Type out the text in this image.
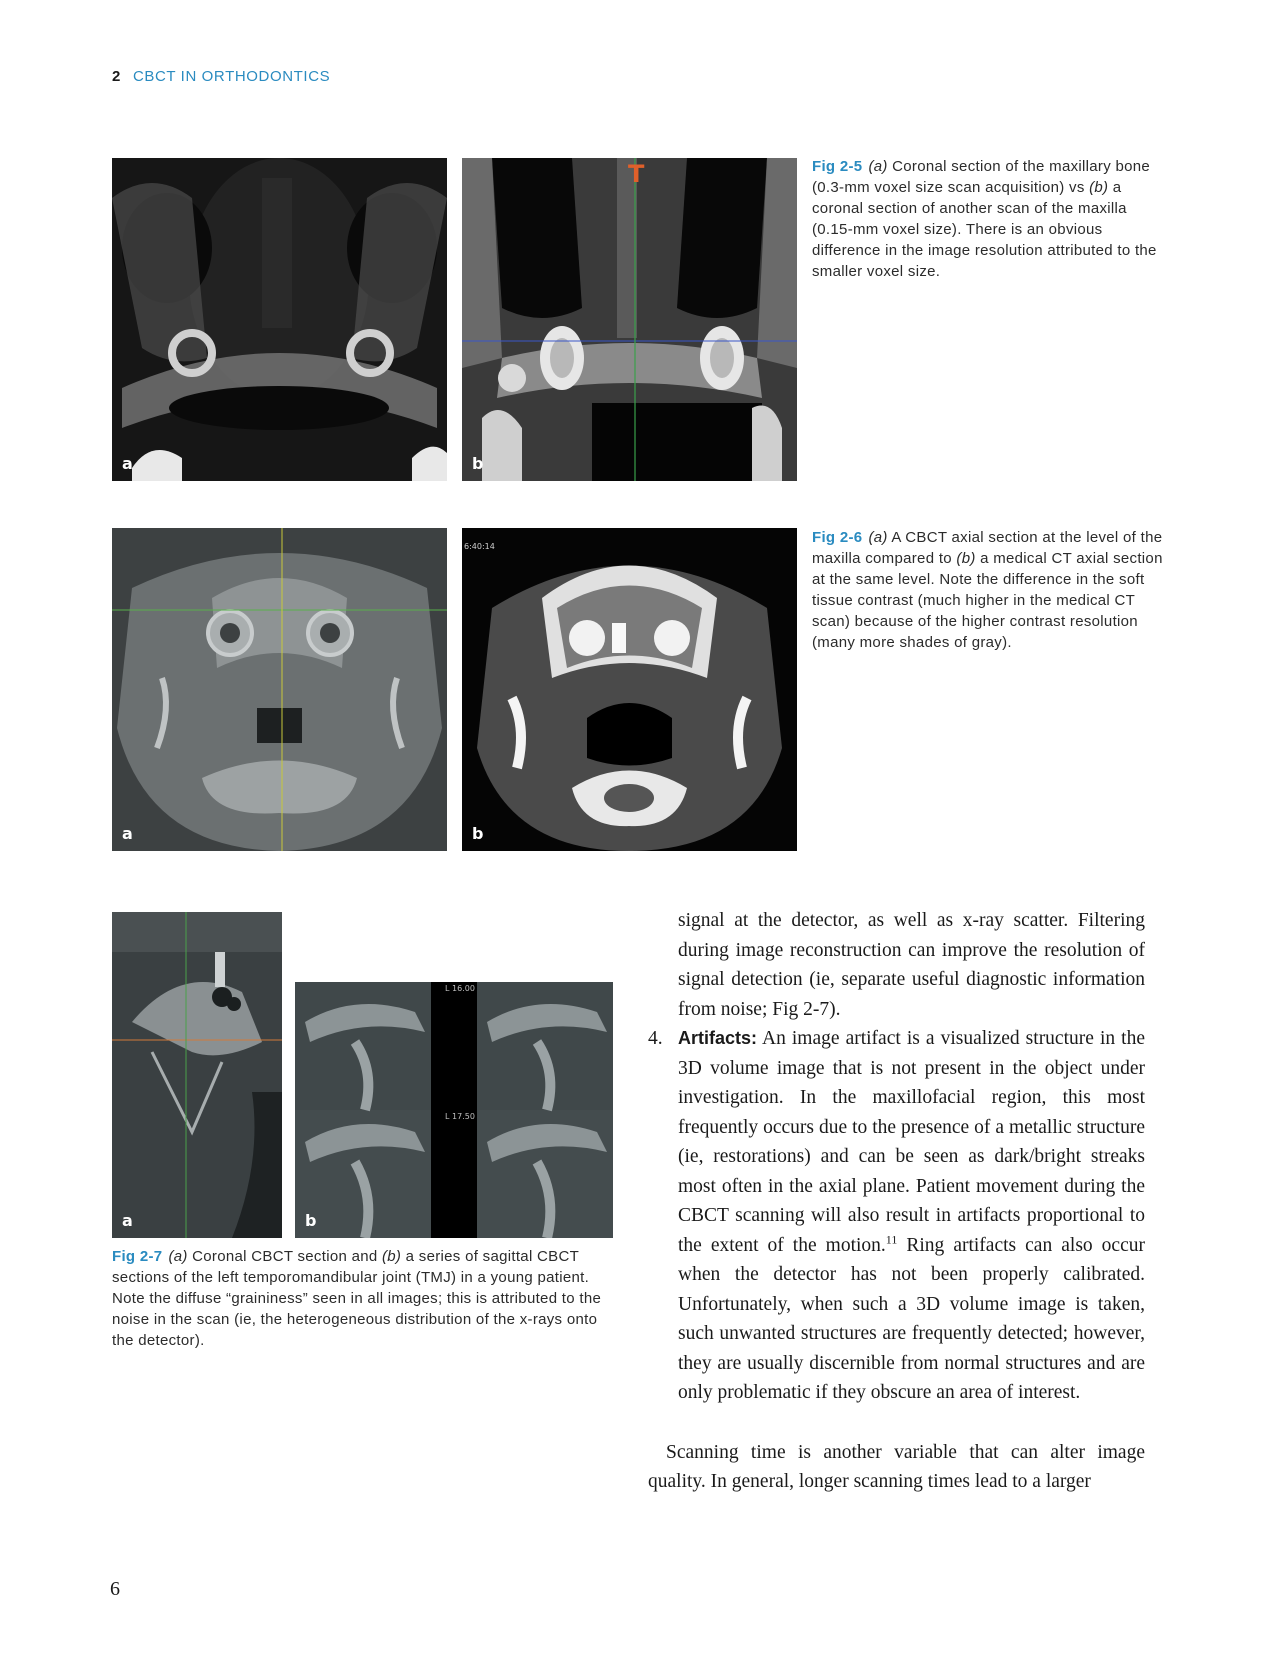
2 CBCT IN ORTHODONTICS
a
T
b
Fig 2-5 (a) Coronal section of the maxillary bone (0.3-mm voxel size scan acquisition) vs (b) a coronal section of another scan of the maxilla (0.15-mm voxel size). There is an obvious difference in the image resolution attributed to the smaller voxel size.
a
6:40:14
b
Fig 2-6 (a) A CBCT axial section at the level of the maxilla compared to (b) a medical CT axial section at the same level. Note the difference in the soft tissue contrast (much higher in the medical CT scan) because of the higher contrast resolution (many more shades of gray).
a
L 16.00
L 17.50
b
Fig 2-7 (a) Coronal CBCT section and (b) a series of sagittal CBCT sections of the left temporomandibular joint (TMJ) in a young patient. Note the diffuse “graininess” seen in all images; this is attributed to the noise in the scan (ie, the heterogeneous distribution of the x-rays onto the detector).

signal at the detector, as well as x-ray scatter. Filtering during image reconstruction can improve the resolution of signal detection (ie, separate useful diagnostic information from noise; Fig 2-7).

4. Artifacts: An image artifact is a visualized structure in the 3D volume image that is not present in the object under investigation. In the maxillofacial region, this most frequently occurs due to the presence of a metallic structure (ie, restorations) and can be seen as dark/bright streaks most often in the axial plane. Patient movement during the CBCT scanning will also result in artifacts proportional to the extent of the motion.$^{11}$ Ring artifacts can also occur when the detector has not been properly calibrated. Unfortunately, when such a 3D volume image is taken, such unwanted structures are frequently detected; however, they are usually discernible from normal structures and are only problematic if they obscure an area of interest.

Scanning time is another variable that can alter image quality. In general, longer scanning times lead to a larger

6
